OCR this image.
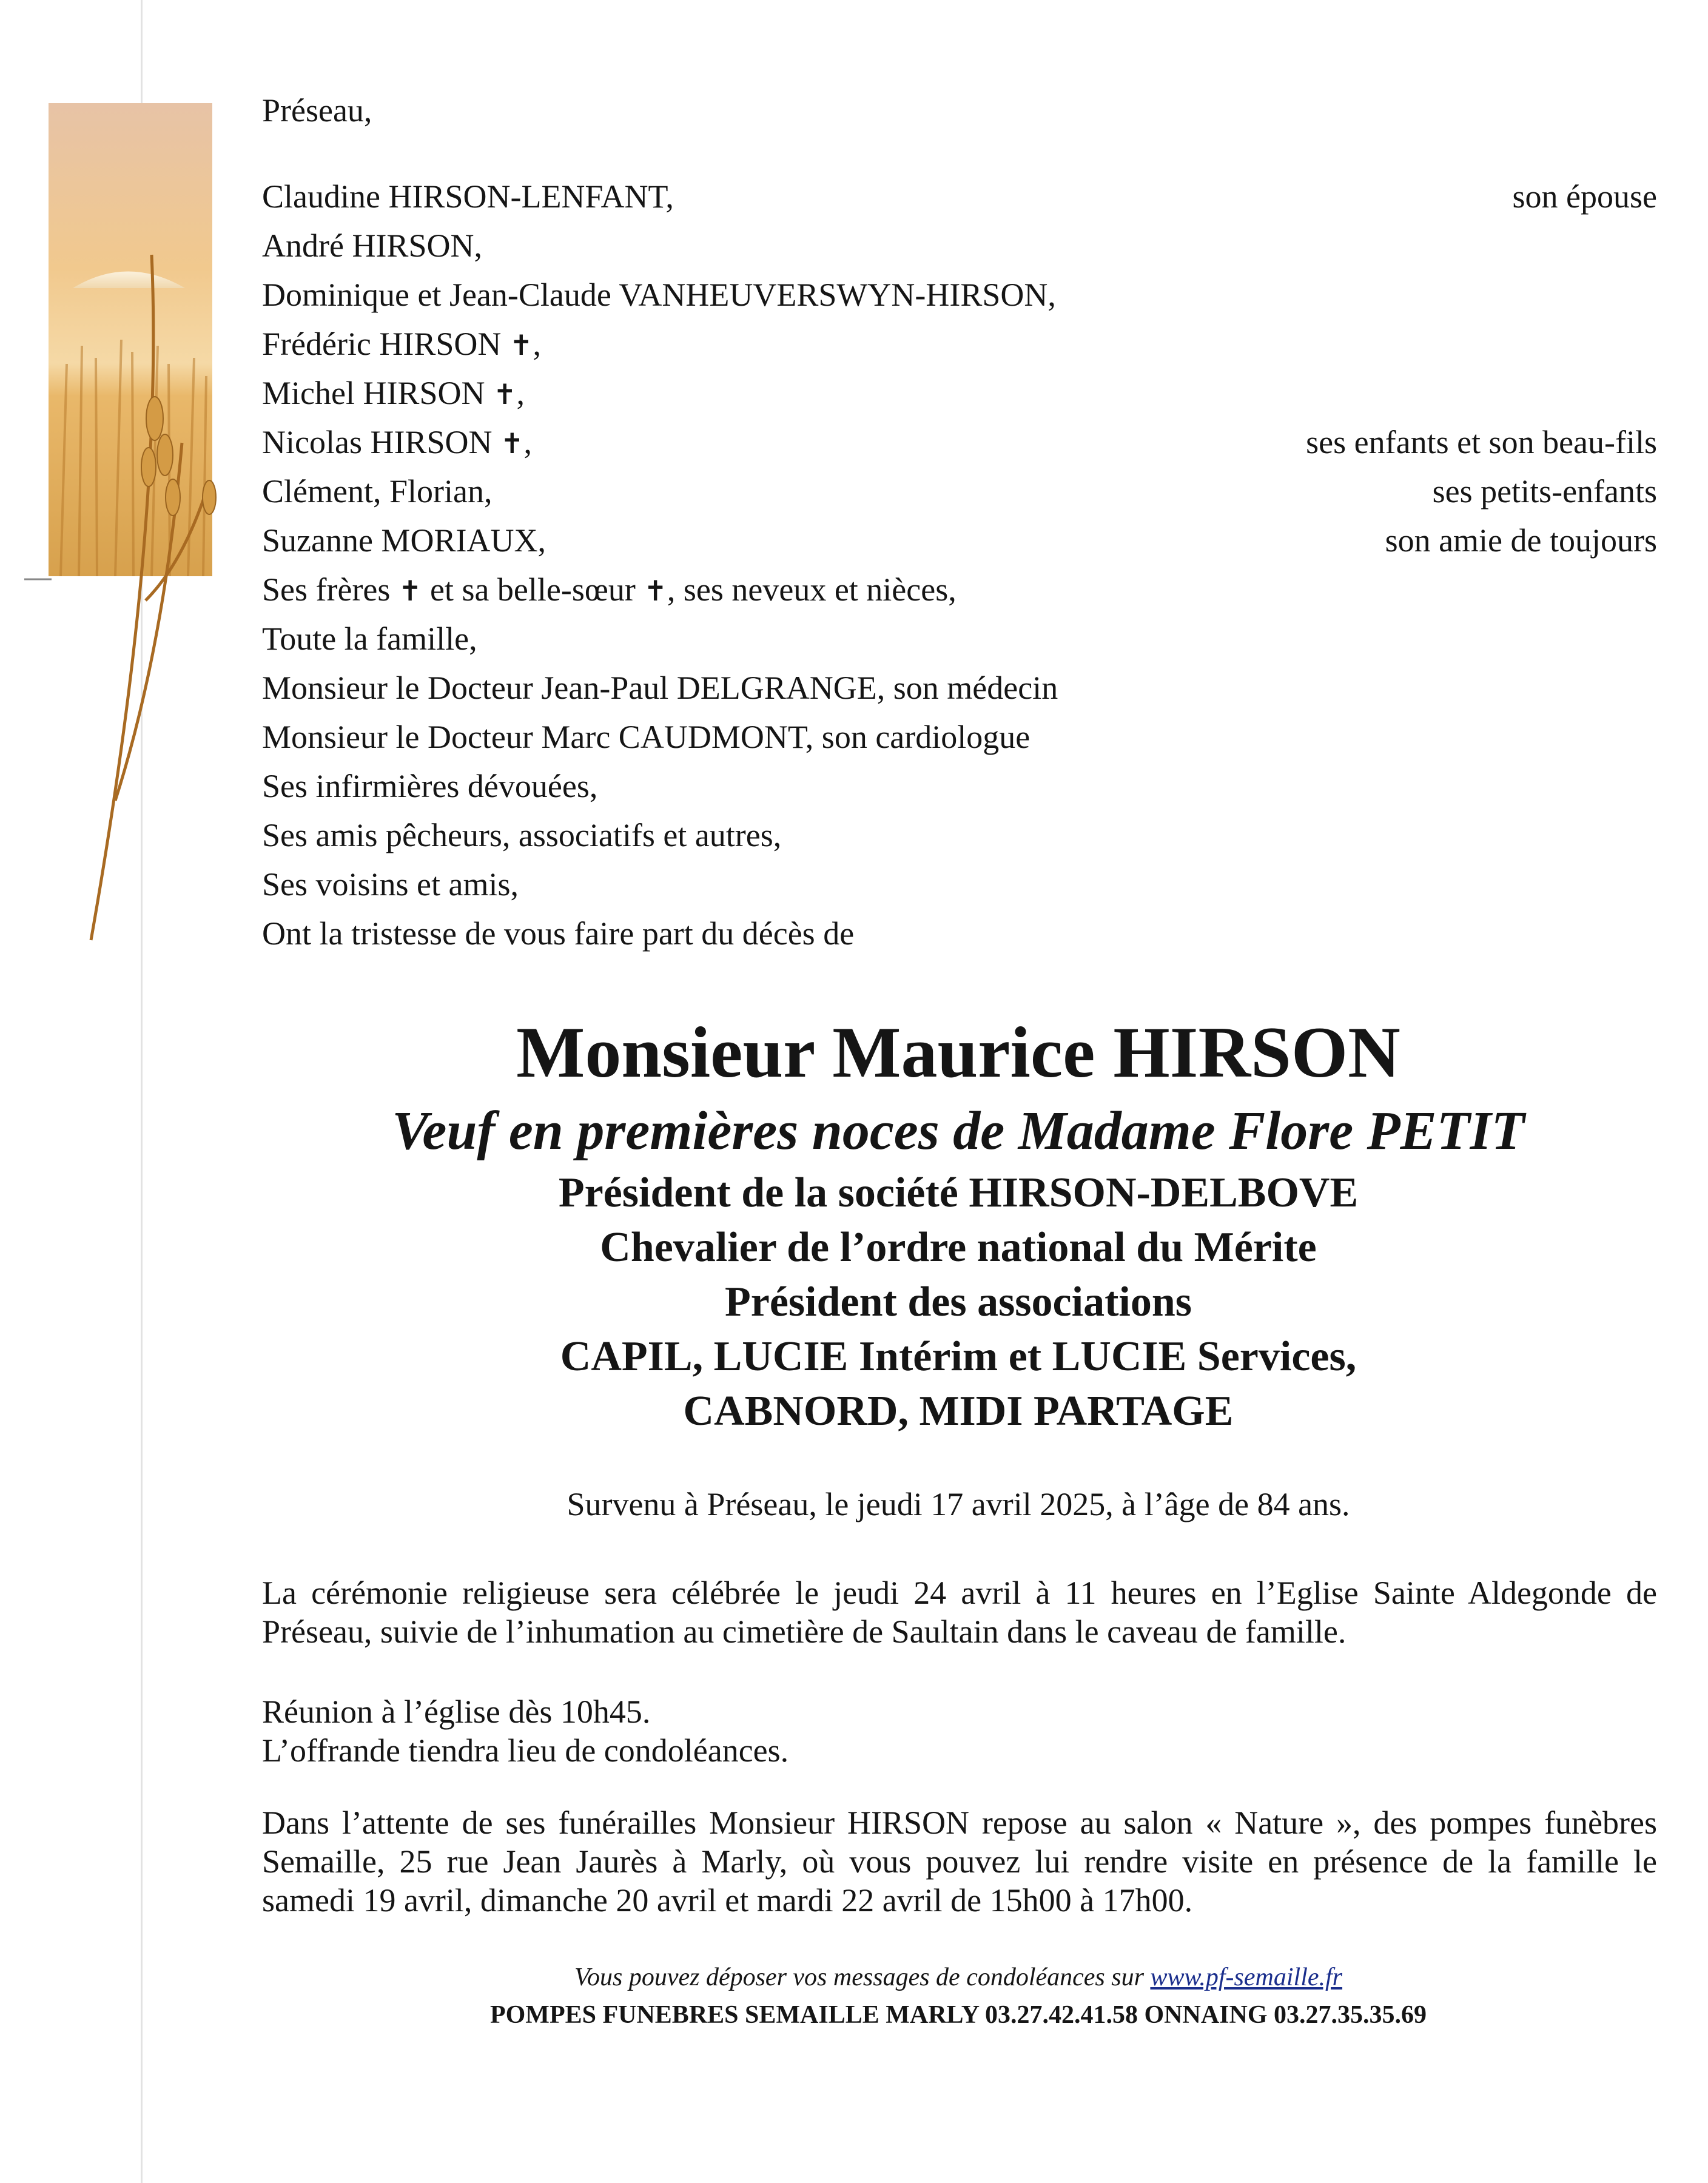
Préseau,
Claudine HIRSON-LENFANT,	son épouse
André HIRSON,
Dominique et Jean-Claude VANHEUVERSWYN-HIRSON,
Frédéric HIRSON ✝,
Michel HIRSON ✝,
Nicolas HIRSON ✝,	ses enfants et son beau-fils
Clément, Florian,	ses petits-enfants
Suzanne MORIAUX,	son amie de toujours
Ses frères ✝ et sa belle-sœur ✝, ses neveux et nièces,
Toute la famille,
Monsieur le Docteur Jean-Paul DELGRANGE, son médecin
Monsieur le Docteur Marc CAUDMONT, son cardiologue
Ses infirmières dévouées,
Ses amis pêcheurs, associatifs et autres,
Ses voisins et amis,
Ont la tristesse de vous faire part du décès de
Monsieur Maurice HIRSON
Veuf en premières noces de Madame Flore PETIT
Président de la société HIRSON-DELBOVE
Chevalier de l’ordre national du Mérite
Président des associations
CAPIL, LUCIE Intérim et LUCIE Services,
CABNORD, MIDI PARTAGE
Survenu à Préseau, le jeudi 17 avril 2025, à l’âge de 84 ans.
La cérémonie religieuse sera célébrée le jeudi 24 avril à 11 heures en l’Eglise Sainte Aldegonde de
Préseau, suivie de l’inhumation au cimetière de Saultain dans le caveau de famille.
Réunion à l’église dès 10h45.
L’offrande tiendra lieu de condoléances.
Dans l’attente de ses funérailles Monsieur HIRSON repose au salon « Nature », des pompes funèbres
Semaille, 25 rue Jean Jaurès à Marly, où vous pouvez lui rendre visite en présence de la famille le
samedi 19 avril, dimanche 20 avril et mardi 22 avril de 15h00 à 17h00.
Vous pouvez déposer vos messages de condoléances sur www.pf-semaille.fr
POMPES FUNEBRES SEMAILLE MARLY 03.27.42.41.58 ONNAING 03.27.35.35.69
